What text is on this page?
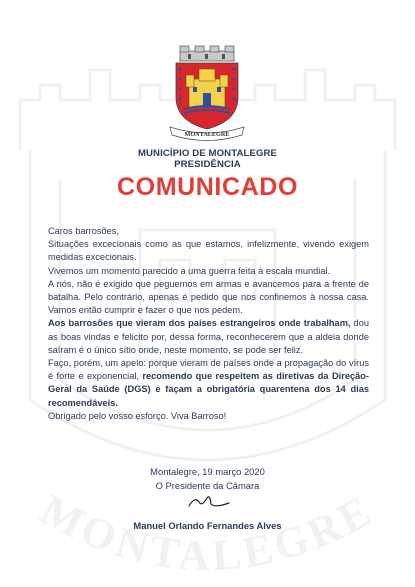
MONTALEGRE
MONTALEGRE
MUNICÍPIO DE MONTALEGRE
PRESIDÊNCIA
COMUNICADO

Caros barrosões,

Situações excecionais como as que estamos, infelizmente, vivendo exigem medidas excecionais.

Vivemos um momento parecido a uma guerra feita à escala mundial.

A nós, não é exigido que peguemos em armas e avancemos para a frente de batalha. Pelo contrário, apenas é pedido que nos confinemos à nossa casa. Vamos então cumprir e fazer o que nos pedem.

Aos barrosões que vieram dos países estrangeiros onde trabalham, dou as boas vindas e felicito por, dessa forma, reconhecerem que a aldeia donde saíram é o único sítio onde, neste momento, se pode ser feliz.

Faço, porém, um apelo: porque vieram de países onde a propagação do vírus é forte e exponencial, recomendo que respeitem as diretivas da Direção-Geral da Saúde (DGS) e façam a obrigatória quarentena dos 14 dias recomendáveis.

Obrigado pelo vosso esforço. Viva Barroso!

Montalegre, 19 março 2020
O Presidente da Câmara
Manuel Orlando Fernandes Alves
